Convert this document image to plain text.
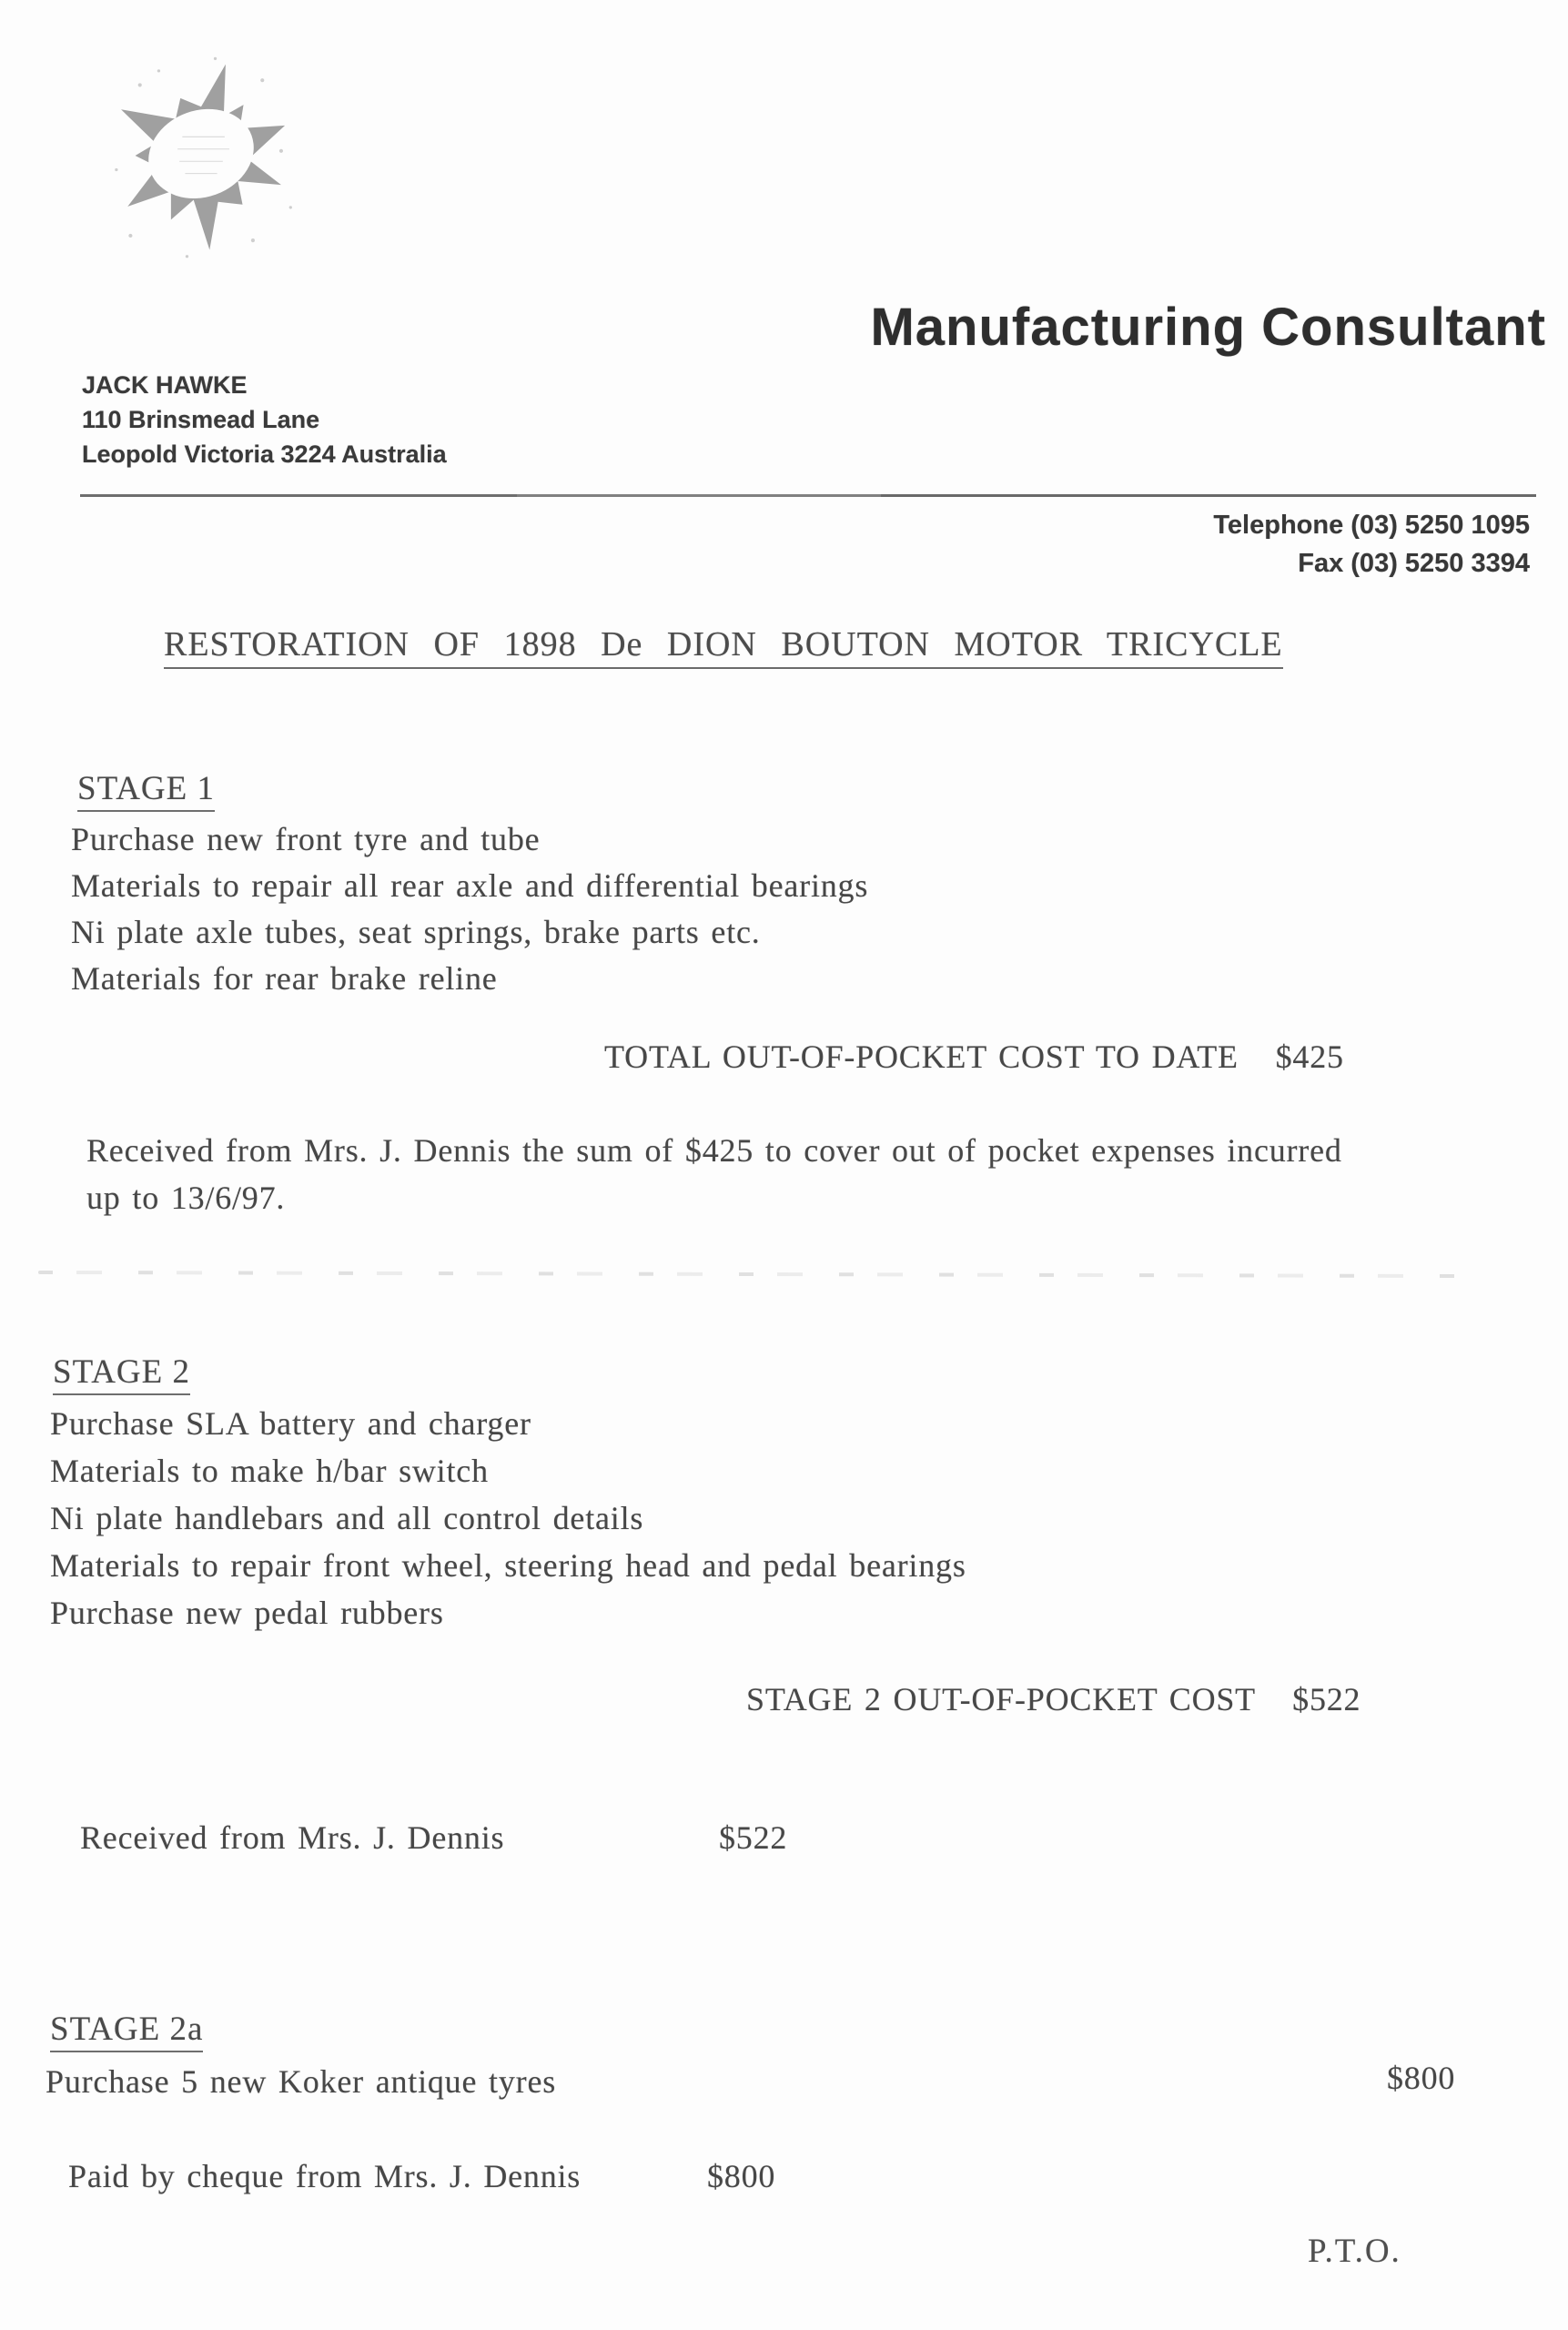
Manufacturing Consultant
JACK HAWKE
110 Brinsmead Lane
Leopold Victoria 3224 Australia
Telephone (03) 5250 1095
Fax (03) 5250 3394
RESTORATION OF 1898 De DION BOUTON MOTOR TRICYCLE
STAGE 1
Purchase new front tyre and tube
Materials to repair all rear axle and differential bearings
Ni plate axle tubes, seat springs, brake parts etc.
Materials for rear brake reline
TOTAL OUT-OF-POCKET COST TO DATE $425
Received from Mrs. J. Dennis the sum of $425 to cover out of pocket expenses incurred
up to 13/6/97.
STAGE 2
Purchase SLA battery and charger
Materials to make h/bar switch
Ni plate handlebars and all control details
Materials to repair front wheel, steering head and pedal bearings
Purchase new pedal rubbers
STAGE 2 OUT-OF-POCKET COST $522
Received from Mrs. J. Dennis	$522
STAGE 2a
Purchase 5 new Koker antique tyres	$800
Paid by cheque from Mrs. J. Dennis	$800
P.T.O.
